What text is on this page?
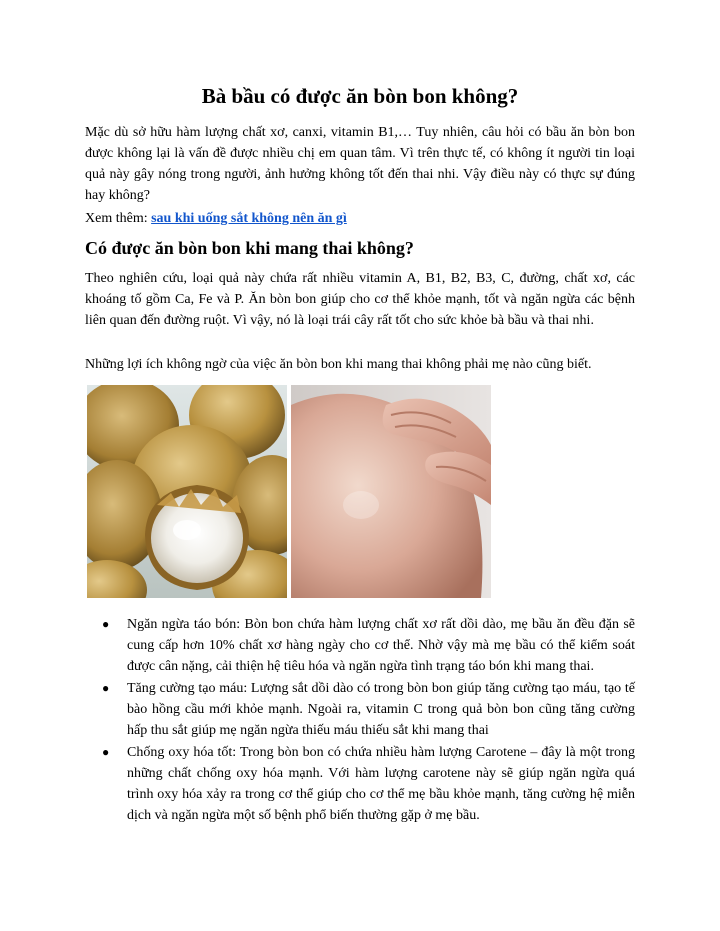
Bà bầu có được ăn bòn bon không?

Mặc dù sở hữu hàm lượng chất xơ, canxi, vitamin B1,… Tuy nhiên, câu hỏi có bầu ăn bòn bon được không lại là vấn đề được nhiều chị em quan tâm. Vì trên thực tế, có không ít người tin loại quả này gây nóng trong người, ảnh hưởng không tốt đến thai nhi. Vậy điều này có thực sự đúng hay không?

Xem thêm: sau khi uống sắt không nên ăn gì

Có được ăn bòn bon khi mang thai không?

Theo nghiên cứu, loại quả này chứa rất nhiều vitamin A, B1, B2, B3, C, đường, chất xơ, các khoáng tố gồm Ca, Fe và P. Ăn bòn bon giúp cho cơ thể khỏe mạnh, tốt và ngăn ngừa các bệnh liên quan đến đường ruột. Vì vậy, nó là loại trái cây rất tốt cho sức khỏe bà bầu và thai nhi.

Những lợi ích không ngờ của việc ăn bòn bon khi mang thai không phải mẹ nào cũng biết.

● Ngăn ngừa táo bón: Bòn bon chứa hàm lượng chất xơ rất dồi dào, mẹ bầu ăn đều đặn sẽ cung cấp hơn 10% chất xơ hàng ngày cho cơ thể. Nhờ vậy mà mẹ bầu có thể kiểm soát được cân nặng, cải thiện hệ tiêu hóa và ngăn ngừa tình trạng táo bón khi mang thai.
● Tăng cường tạo máu: Lượng sắt dồi dào có trong bòn bon giúp tăng cường tạo máu, tạo tế bào hồng cầu mới khỏe mạnh. Ngoài ra, vitamin C trong quả bòn bon cũng tăng cường hấp thu sắt giúp mẹ ngăn ngừa thiếu máu thiếu sắt khi mang thai
● Chống oxy hóa tốt: Trong bòn bon có chứa nhiều hàm lượng Carotene – đây là một trong những chất chống oxy hóa mạnh. Với hàm lượng carotene này sẽ giúp ngăn ngừa quá trình oxy hóa xảy ra trong cơ thể giúp cho cơ thể mẹ bầu khỏe mạnh, tăng cường hệ miễn dịch và ngăn ngừa một số bệnh phổ biến thường gặp ở mẹ bầu.
